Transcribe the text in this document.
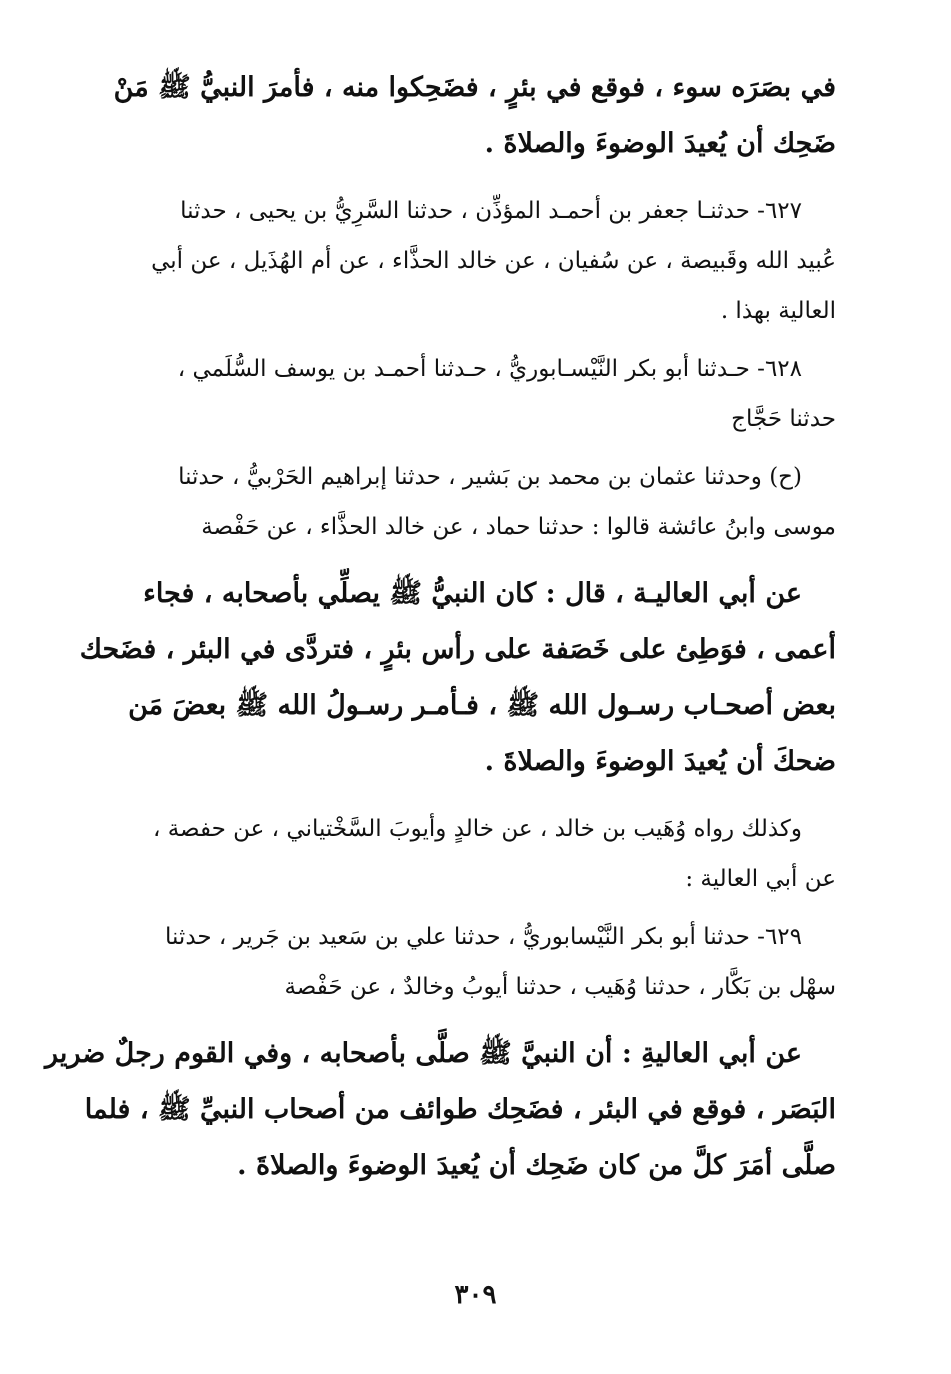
في بصَرَه سوء ، فوقع في بئرٍ ، فضَحِكوا منه ، فأمرَ النبيُّ ﷺ مَنْ
ضَحِك أن يُعيدَ الوضوءَ والصلاةَ .
٦٢٧- حدثنـا جعفر بن أحمـد المؤذِّن ، حدثنا السَّرِيُّ بن يحيى ، حدثنا
عُبيد الله وقَبيصة ، عن سُفيان ، عن خالد الحذَّاء ، عن أم الهُذَيل ، عن أبي
العالية بهذا .
٦٢٨- حـدثنا أبو بكر النَّيْسـابوريُّ ، حـدثنا أحمـد بن يوسف السُّلَمي ،
حدثنا حَجَّاج
(ح) وحدثنا عثمان بن محمد بن بَشير ، حدثنا إبراهيم الحَرْبيُّ ، حدثنا
موسى وابنُ عائشة قالوا : حدثنا حماد ، عن خالد الحذَّاء ، عن حَفْصة
عن أبي العاليـة ، قال : كان النبيُّ ﷺ يصلِّي بأصحابه ، فجاء
أعمى ، فوَطِئ على خَصَفة على رأس بئرٍ ، فتردَّى في البئر ، فضَحك
بعض أصحـاب رسـول الله ﷺ ، فـأمـر رسـولُ الله ﷺ بعضَ مَن
ضحكَ أن يُعيدَ الوضوءَ والصلاةَ .
وكذلك رواه وُهَيب بن خالد ، عن خالدٍ وأيوبَ السَّخْتياني ، عن حفصة ،
عن أبي العالية :
٦٢٩- حدثنا أبو بكر النَّيْسابوريُّ ، حدثنا علي بن سَعيد بن جَرير ، حدثنا
سهْل بن بَكَّار ، حدثنا وُهَيب ، حدثنا أيوبُ وخالدٌ ، عن حَفْصة
عن أبي العاليةِ : أن النبيَّ ﷺ صلَّى بأصحابه ، وفي القوم رجلٌ ضرير
البَصَر ، فوقع في البئر ، فضَحِك طوائف من أصحاب النبيِّ ﷺ ، فلما
صلَّى أمَرَ كلَّ من كان ضَحِك أن يُعيدَ الوضوءَ والصلاةَ .
٣٠٩
